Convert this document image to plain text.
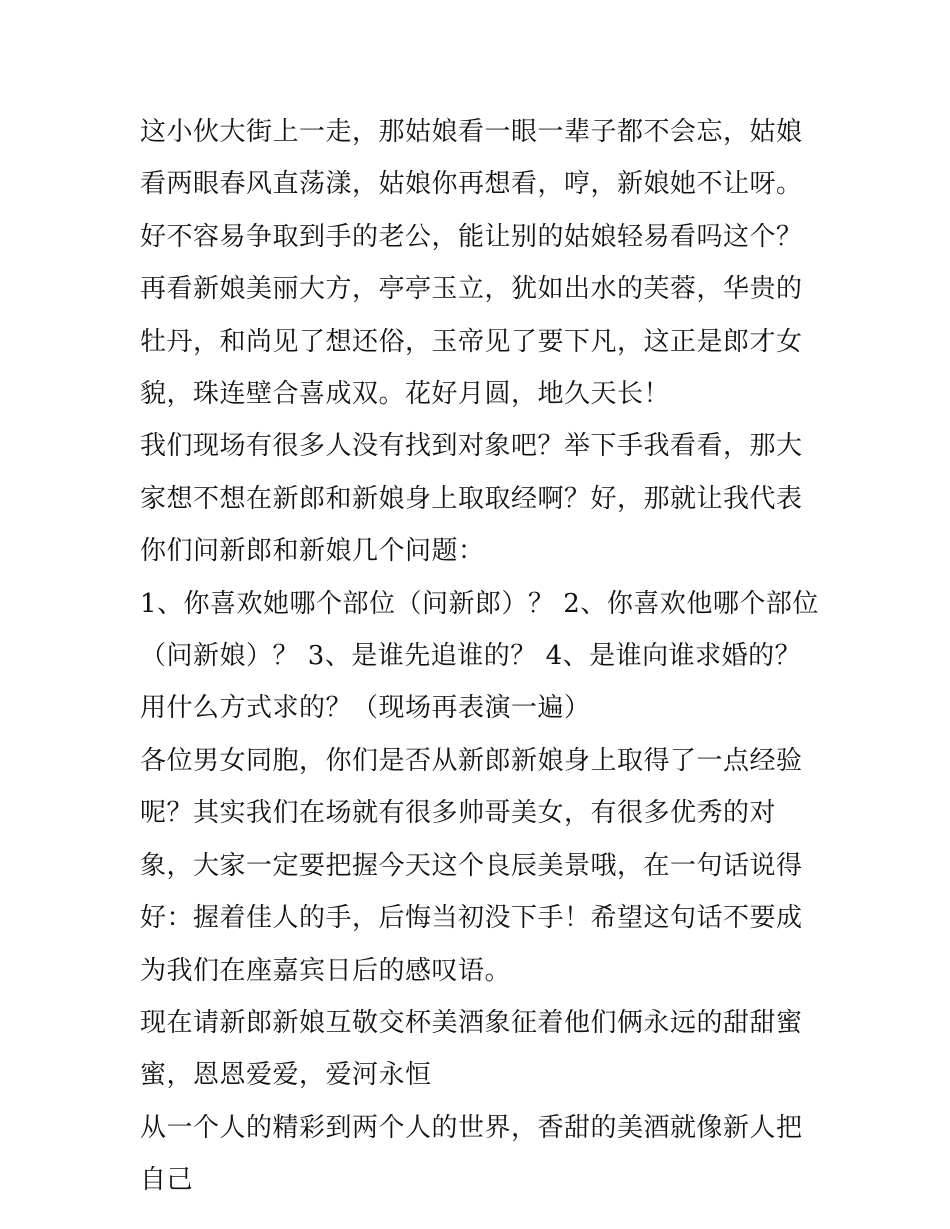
这小伙大街上一走，那姑娘看一眼一辈子都不会忘，姑娘看两眼春风直荡漾，姑娘你再想看，哼，新娘她不让呀。好不容易争取到手的老公，能让别的姑娘轻易看吗这个？再看新娘美丽大方，亭亭玉立，犹如出水的芙蓉，华贵的牡丹，和尚见了想还俗，玉帝见了要下凡，这正是郎才女貌，珠连壁合喜成双。花好月圆，地久天长！

我们现场有很多人没有找到对象吧？举下手我看看，那大家想不想在新郎和新娘身上取取经啊？好，那就让我代表你们问新郎和新娘几个问题：

1、你喜欢她哪个部位（问新郎）？ 2、你喜欢他哪个部位（问新娘）？ 3、是谁先追谁的？ 4、是谁向谁求婚的？用什么方式求的？（现场再表演一遍）

各位男女同胞，你们是否从新郎新娘身上取得了一点经验呢？其实我们在场就有很多帅哥美女，有很多优秀的对象，大家一定要把握今天这个良辰美景哦，在一句话说得好：握着佳人的手，后悔当初没下手！希望这句话不要成为我们在座嘉宾日后的感叹语。

现在请新郎新娘互敬交杯美酒象征着他们俩永远的甜甜蜜蜜，恩恩爱爱，爱河永恒

从一个人的精彩到两个人的世界，香甜的美酒就像新人把自己
